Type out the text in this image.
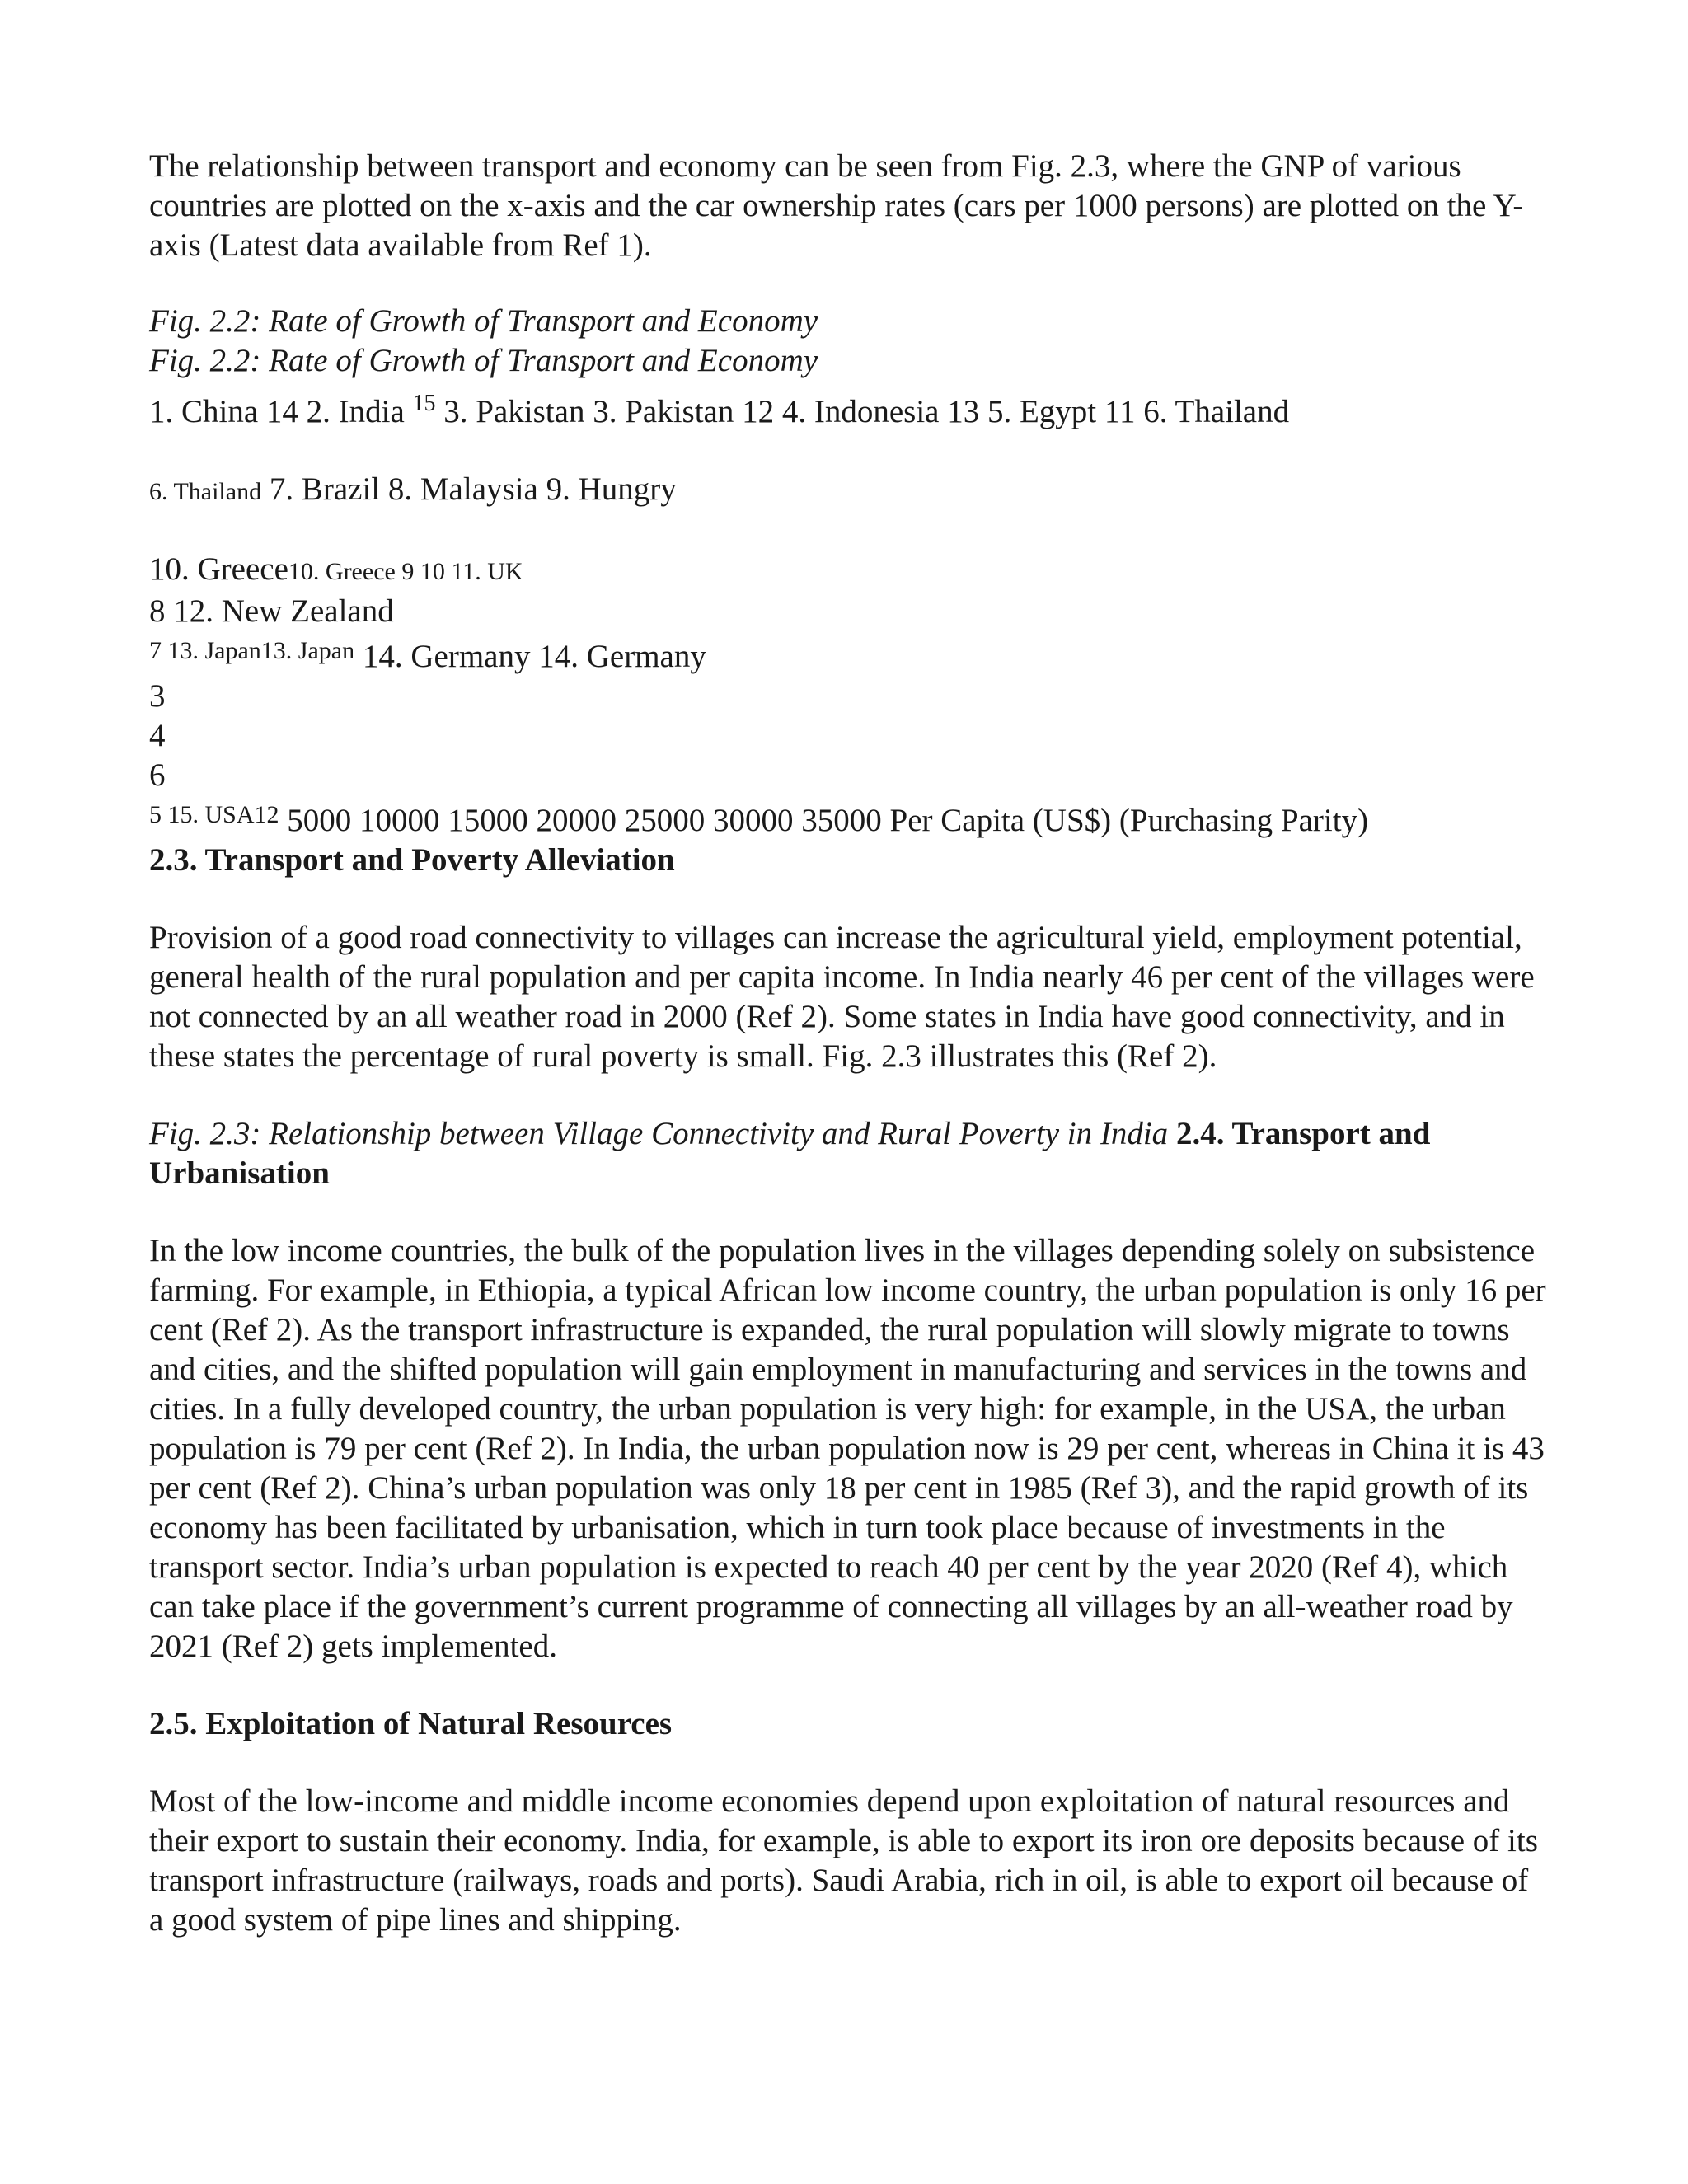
The relationship between transport and economy can be seen from Fig. 2.3, where the GNP of various countries are plotted on the x-axis and the car ownership rates (cars per 1000 persons) are plotted on the Y-axis (Latest data available from Ref 1).

Fig. 2.2: Rate of Growth of Transport and Economy

Fig. 2.2: Rate of Growth of Transport and Economy

1. China 14 2. India $^{15}$ 3. Pakistan 3. Pakistan 12 4. Indonesia 13 5. Egypt 11 6. Thailand

6. Thailand 7. Brazil 8. Malaysia 9. Hungry

10. Greece10. Greece 9 10 11. UK

8 12. New Zealand

$^{7 13. Japan13. Japan}$ 14. Germany 14. Germany

3

4

6

$^{5 15. USA12}$ 5000 10000 15000 20000 25000 30000 35000 Per Capita (US$) (Purchasing Parity)

2.3. Transport and Poverty Alleviation

Provision of a good road connectivity to villages can increase the agricultural yield, employment potential, general health of the rural population and per capita income. In India nearly 46 per cent of the villages were not connected by an all weather road in 2000 (Ref 2). Some states in India have good connectivity, and in these states the percentage of rural poverty is small. Fig. 2.3 illustrates this (Ref 2).

Fig. 2.3: Relationship between Village Connectivity and Rural Poverty in India 2.4. Transport and Urbanisation

In the low income countries, the bulk of the population lives in the villages depending solely on subsistence farming. For example, in Ethiopia, a typical African low income country, the urban population is only 16 per cent (Ref 2). As the transport infrastructure is expanded, the rural population will slowly migrate to towns and cities, and the shifted population will gain employment in manufacturing and services in the towns and cities. In a fully developed country, the urban population is very high: for example, in the USA, the urban population is 79 per cent (Ref 2). In India, the urban population now is 29 per cent, whereas in China it is 43 per cent (Ref 2). China’s urban population was only 18 per cent in 1985 (Ref 3), and the rapid growth of its economy has been facilitated by urbanisation, which in turn took place because of investments in the transport sector. India’s urban population is expected to reach 40 per cent by the year 2020 (Ref 4), which can take place if the government’s current programme of connecting all villages by an all-weather road by 2021 (Ref 2) gets implemented.

2.5. Exploitation of Natural Resources

Most of the low-income and middle income economies depend upon exploitation of natural resources and their export to sustain their economy. India, for example, is able to export its iron ore deposits because of its transport infrastructure (railways, roads and ports). Saudi Arabia, rich in oil, is able to export oil because of a good system of pipe lines and shipping.
